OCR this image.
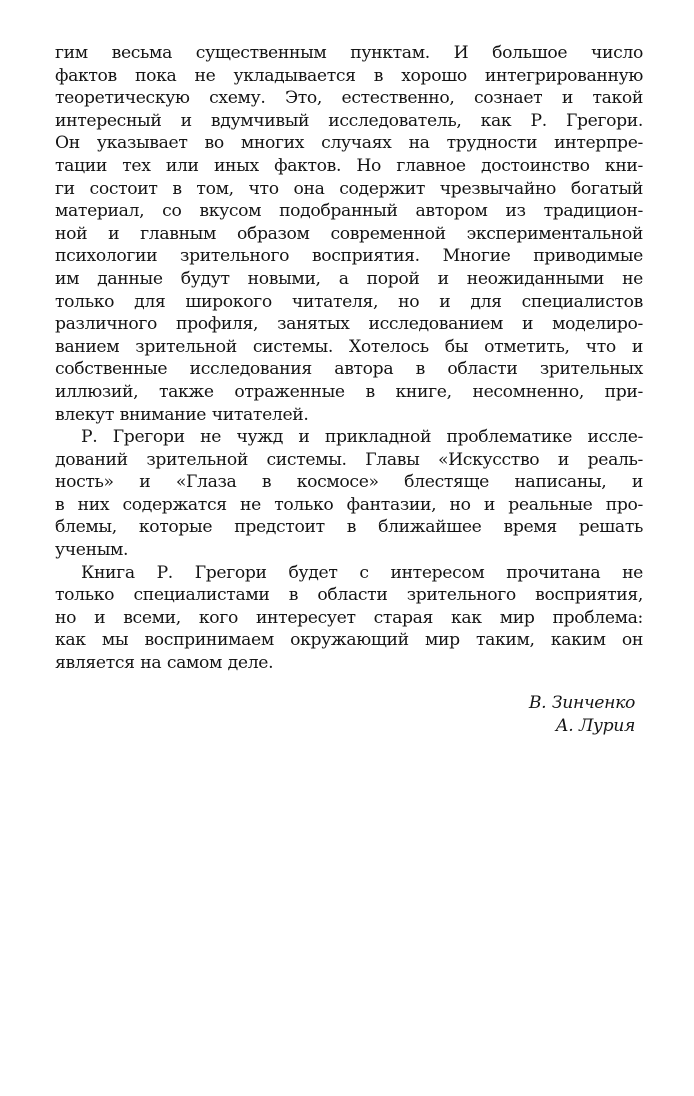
гим весьма существенным пунктам. И большое число
фактов пока не укладывается в хорошо интегрированную
теоретическую схему. Это, естественно, сознает и такой
интересный и вдумчивый исследователь, как Р. Грегори.
Он указывает во многих случаях на трудности интерпре-
тации тех или иных фактов. Но главное достоинство кни-
ги состоит в том, что она содержит чрезвычайно богатый
материал, со вкусом подобранный автором из традицион-
ной и главным образом современной экспериментальной
психологии зрительного восприятия. Многие приводимые
им данные будут новыми, а порой и неожиданными не
только для широкого читателя, но и для специалистов
различного профиля, занятых исследованием и моделиро-
ванием зрительной системы. Хотелось бы отметить, что и
собственные исследования автора в области зрительных
иллюзий, также отраженные в книге, несомненно, при-
влекут внимание читателей.
Р. Грегори не чужд и прикладной проблематике иссле-
дований зрительной системы. Главы «Искусство и реаль-
ность» и «Глаза в космосе» блестяще написаны, и
в них содержатся не только фантазии, но и реальные про-
блемы, которые предстоит в ближайшее время решать
ученым.
Книга Р. Грегори будет с интересом прочитана не
только специалистами в области зрительного восприятия,
но и всеми, кого интересует старая как мир проблема:
как мы воспринимаем окружающий мир таким, каким он
является на самом деле.
В. Зинченко
А. Лурия
